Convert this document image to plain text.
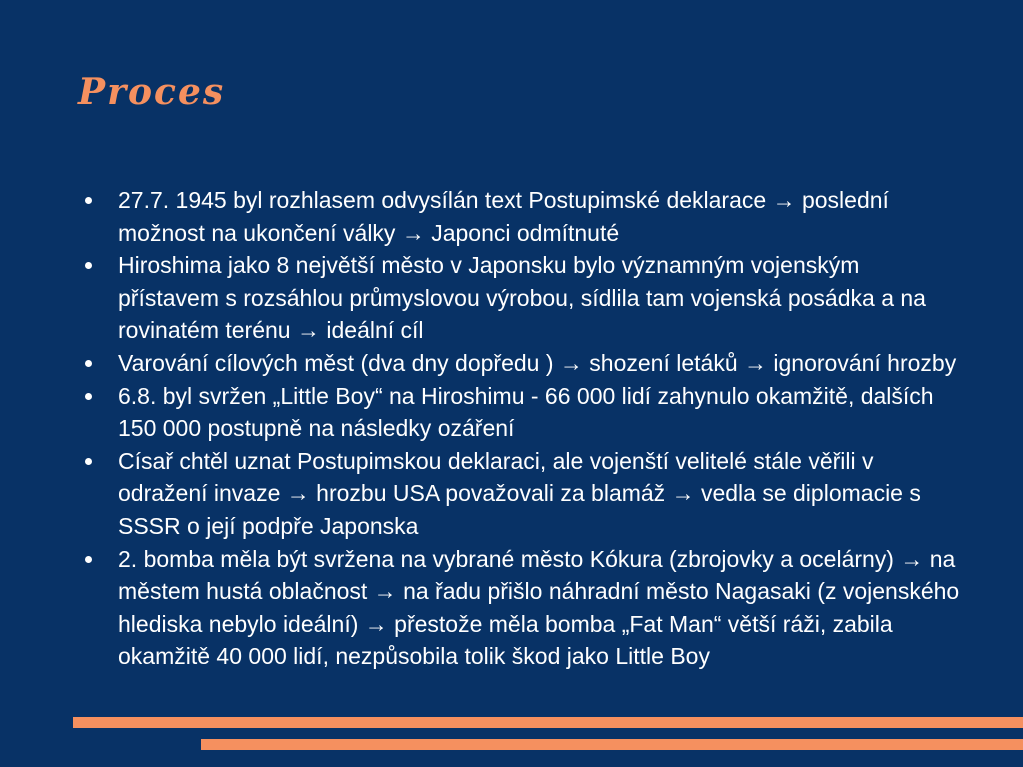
Proces
27.7. 1945 byl rozhlasem odvysílán text Postupimské deklarace → poslední možnost na ukončení války → Japonci odmítnuté
Hiroshima jako 8 největší město v Japonsku bylo významným vojenským přístavem s rozsáhlou průmyslovou výrobou, sídlila tam vojenská posádka a na rovinatém terénu → ideální cíl
Varování cílových měst (dva dny dopředu ) → shození letáků → ignorování hrozby
6.8. byl svržen „Little Boy“ na Hiroshimu - 66 000 lidí zahynulo okamžitě, dalších 150 000 postupně na následky ozáření
Císař chtěl uznat Postupimskou deklaraci, ale vojenští velitelé stále věřili v odražení invaze → hrozbu USA považovali za blamáž → vedla se diplomacie s SSSR o její podpře Japonska
2. bomba měla být svržena na vybrané město Kókura (zbrojovky a ocelárny) → na městem hustá oblačnost → na řadu přišlo náhradní město Nagasaki (z vojenského hlediska nebylo ideální) → přestože měla bomba „Fat Man“ větší ráži, zabila okamžitě 40 000 lidí, nezpůsobila tolik škod jako Little Boy
